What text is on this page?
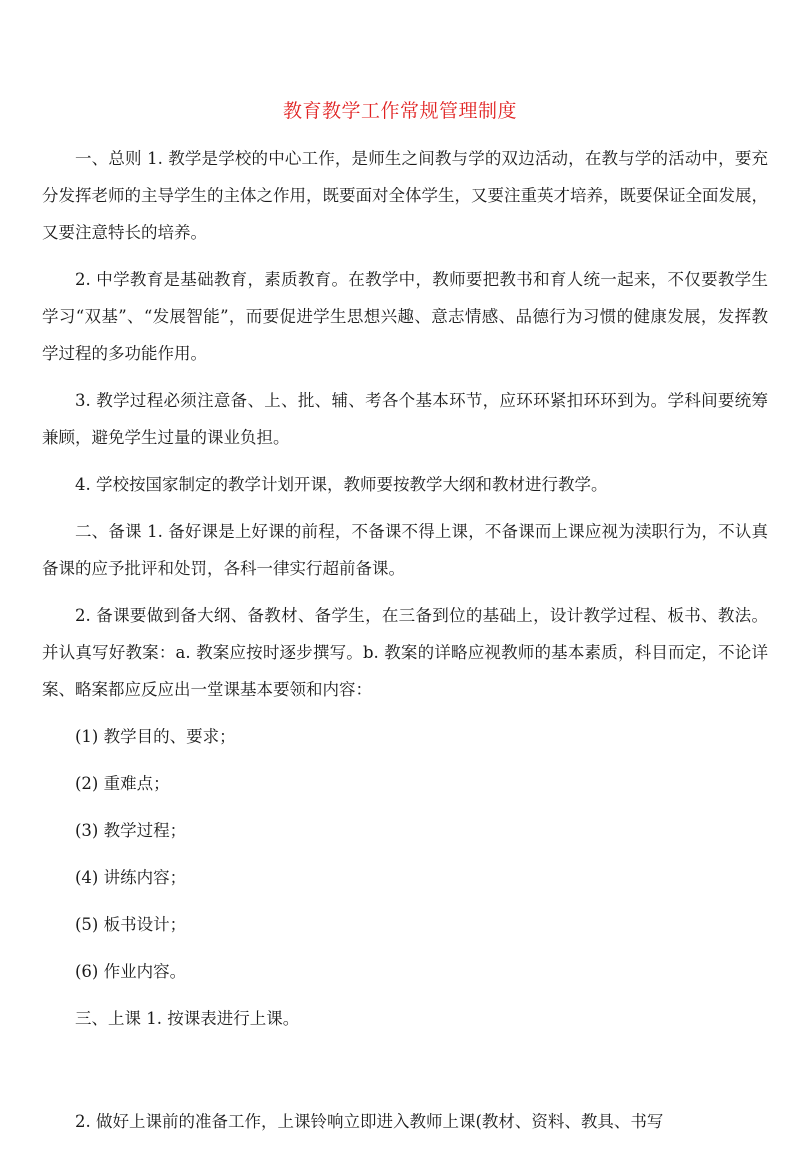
教育教学工作常规管理制度

一、总则 1. 教学是学校的中心工作，是师生之间教与学的双边活动，在教与学的活动中，要充分发挥老师的主导学生的主体之作用，既要面对全体学生，又要注重英才培养，既要保证全面发展，又要注意特长的培养。

2. 中学教育是基础教育，素质教育。在教学中，教师要把教书和育人统一起来，不仅要教学生学习“双基”、“发展智能”，而要促进学生思想兴趣、意志情感、品德行为习惯的健康发展，发挥教学过程的多功能作用。

3. 教学过程必须注意备、上、批、辅、考各个基本环节，应环环紧扣环环到为。学科间要统筹兼顾，避免学生过量的课业负担。

4. 学校按国家制定的教学计划开课，教师要按教学大纲和教材进行教学。

二、备课 1. 备好课是上好课的前程，不备课不得上课，不备课而上课应视为渎职行为，不认真备课的应予批评和处罚，各科一律实行超前备课。

2. 备课要做到备大纲、备教材、备学生，在三备到位的基础上，设计教学过程、板书、教法。并认真写好教案：a. 教案应按时逐步撰写。b. 教案的详略应视教师的基本素质，科目而定，不论详案、略案都应反应出一堂课基本要领和内容：

(1) 教学目的、要求；

(2) 重难点；

(3) 教学过程；

(4) 讲练内容；

(5) 板书设计；

(6) 作业内容。

三、上课 1. 按课表进行上课。

2. 做好上课前的准备工作，上课铃响立即进入教师上课(教材、资料、教具、书写
